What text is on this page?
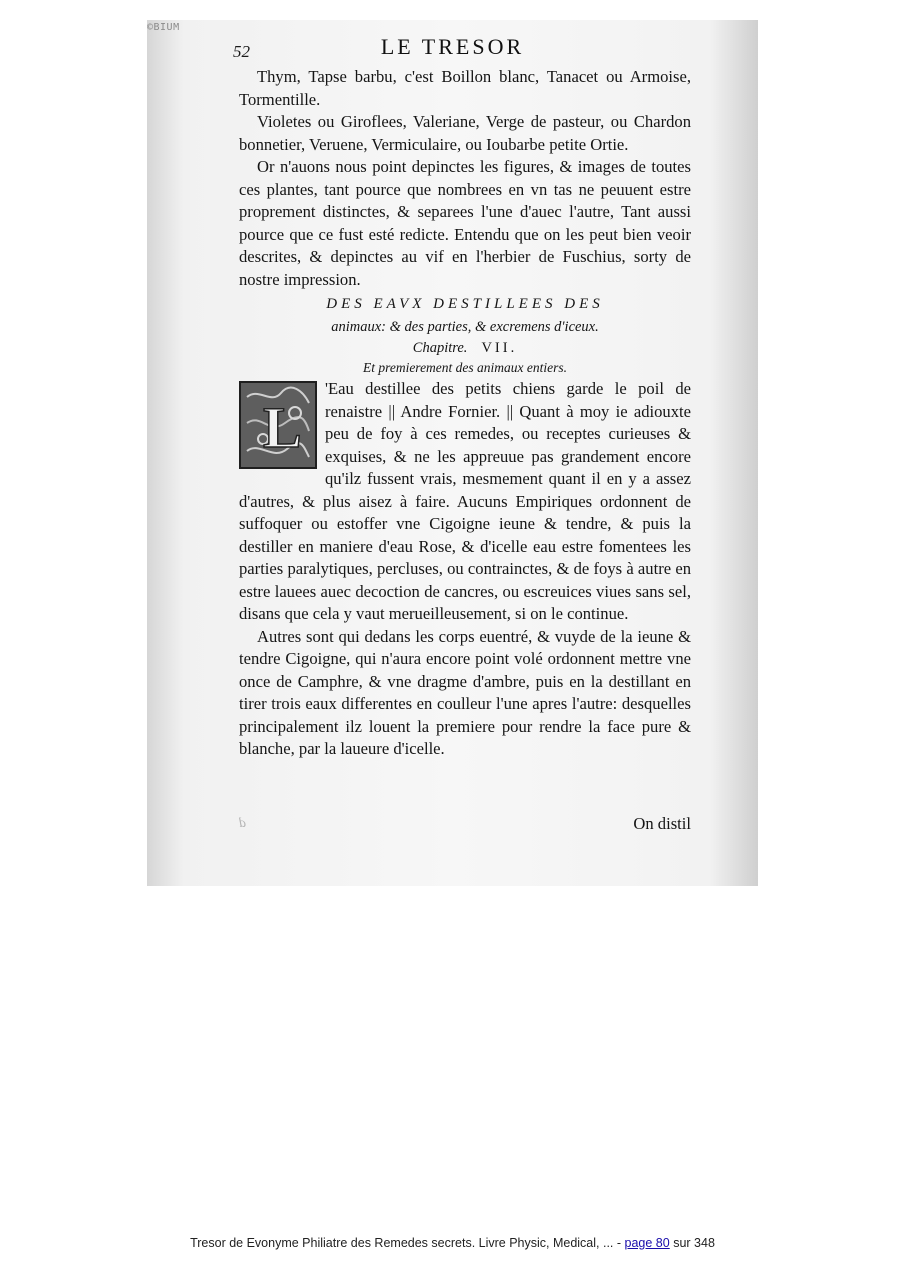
©BIUM
52	LE TRESOR

Thym, Tapse barbu, c'est Boillon blanc, Tanacet ou Armoise, Tormentille.

Violetes ou Giroflees, Valeriane, Verge de pasteur, ou Chardon bonnetier, Veruene, Vermiculaire, ou Ioubarbe petite Ortie.

Or n'auons nous point depinctes les figures, & images de toutes ces plantes, tant pource que nombrees en vn tas ne peuuent estre proprement distinctes, & separees l'une d'auec l'autre, Tant aussi pource que ce fust esté redicte. Entendu que on les peut bien veoir descrites, & depinctes au vif en l'herbier de Fuschius, sorty de nostre impression.

DES EAVX DESTILLEES DES

animaux: & des parties, & excremens d'iceux.

Chapitre. VII.

Et premierement des animaux entiers.

L

'Eau destillee des petits chiens garde le poil de renaistre || Andre Fornier. || Quant à moy ie adiouxte peu de foy à ces remedes, ou receptes curieuses & exquises, & ne les appreuue pas grandement encore qu'ilz fussent vrais, mesmement quant il en y a assez d'autres, & plus aisez à faire. Aucuns Empiriques ordonnent de suffoquer ou estoffer vne Cigoigne ieune & tendre, & puis la destiller en maniere d'eau Rose, & d'icelle eau estre fomentees les parties paralytiques, percluses, ou contrainctes, & de foys à autre en estre lauees auec decoction de cancres, ou escreuices viues sans sel, disans que cela y vaut merueilleusement, si on le continue.

Autres sont qui dedans les corps euentré, & vuyde de la ieune & tendre Cigoigne, qui n'aura encore point volé ordonnent mettre vne once de Camphre, & vne dragme d'ambre, puis en la destillant en tirer trois eaux differentes en coulleur l'une apres l'autre: desquelles principalement ilz louent la premiere pour rendre la face pure & blanche, par la laueure d'icelle.

d	On distil
Tresor de Evonyme Philiatre des Remedes secrets. Livre Physic, Medical, ... - page 80 sur 348
